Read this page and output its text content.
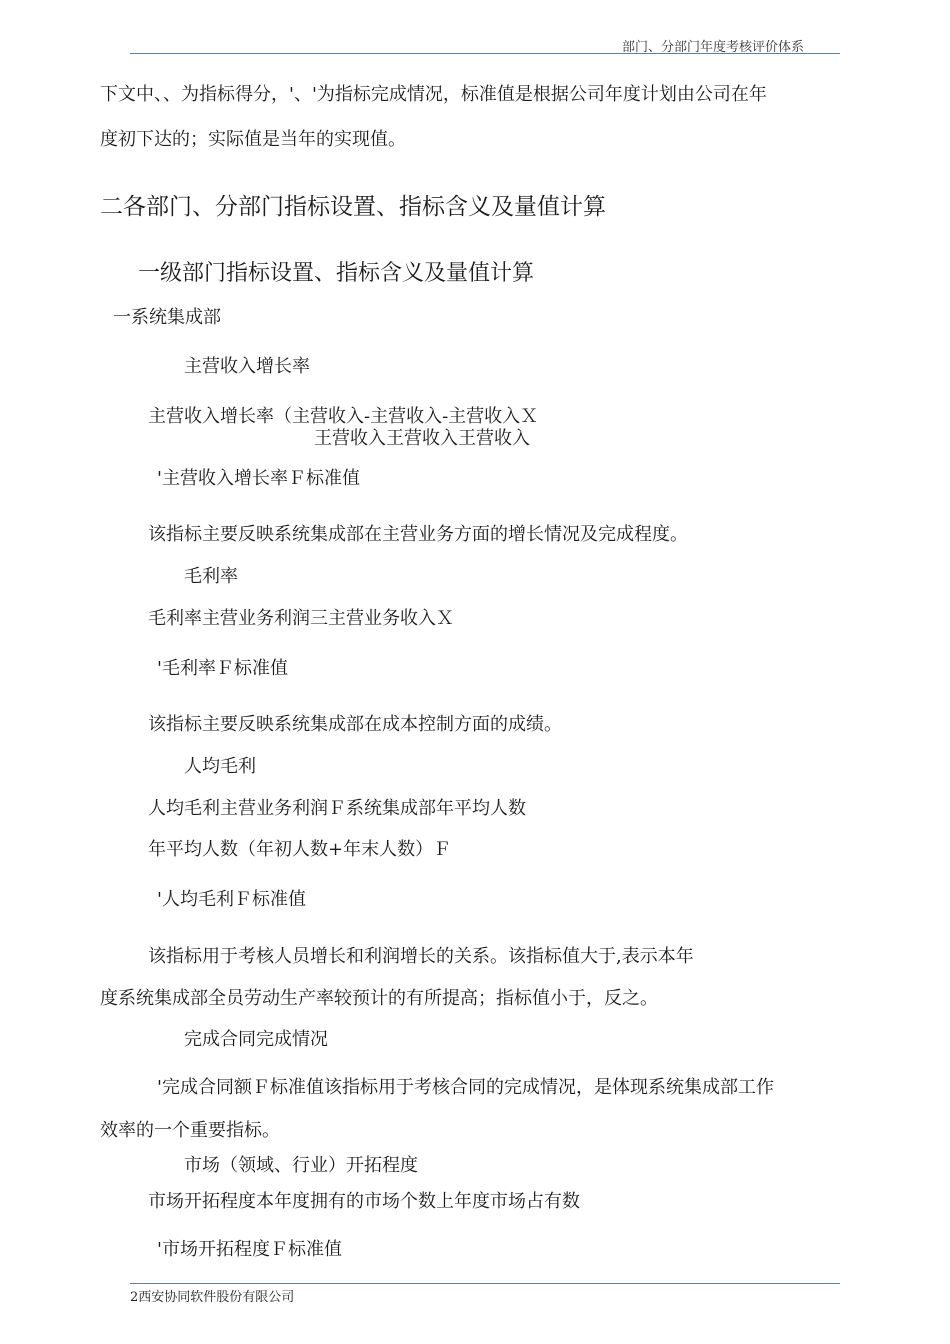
部门、分部门年度考核评价体系
下文中、、为指标得分，'、'为指标完成情况，标准值是根据公司年度计划由公司在年
度初下达的；实际值是当年的实现值。
二各部门、分部门指标设置、指标含义及量值计算
一级部门指标设置、指标含义及量值计算
一系统集成部
主营收入增长率
主营收入增长率（主营收入-主营收入-主营收入Ｘ
王营收入王营收入王营收入
'主营收入增长率Ｆ标准值
该指标主要反映系统集成部在主营业务方面的增长情况及完成程度。
毛利率
毛利率主营业务利润三主营业务收入Ｘ
'毛利率Ｆ标准值
该指标主要反映系统集成部在成本控制方面的成绩。
人均毛利
人均毛利主营业务利润Ｆ系统集成部年平均人数
年平均人数（年初人数+年末人数）Ｆ
'人均毛利Ｆ标准值
该指标用于考核人员增长和利润增长的关系。该指标值大于,表示本年
度系统集成部全员劳动生产率较预计的有所提高；指标值小于，反之。
完成合同完成情况
'完成合同额Ｆ标准值该指标用于考核合同的完成情况，是体现系统集成部工作
效率的一个重要指标。
市场（领域、行业）开拓程度
市场开拓程度本年度拥有的市场个数上年度市场占有数
'市场开拓程度Ｆ标准值
2西安协同软件股份有限公司
